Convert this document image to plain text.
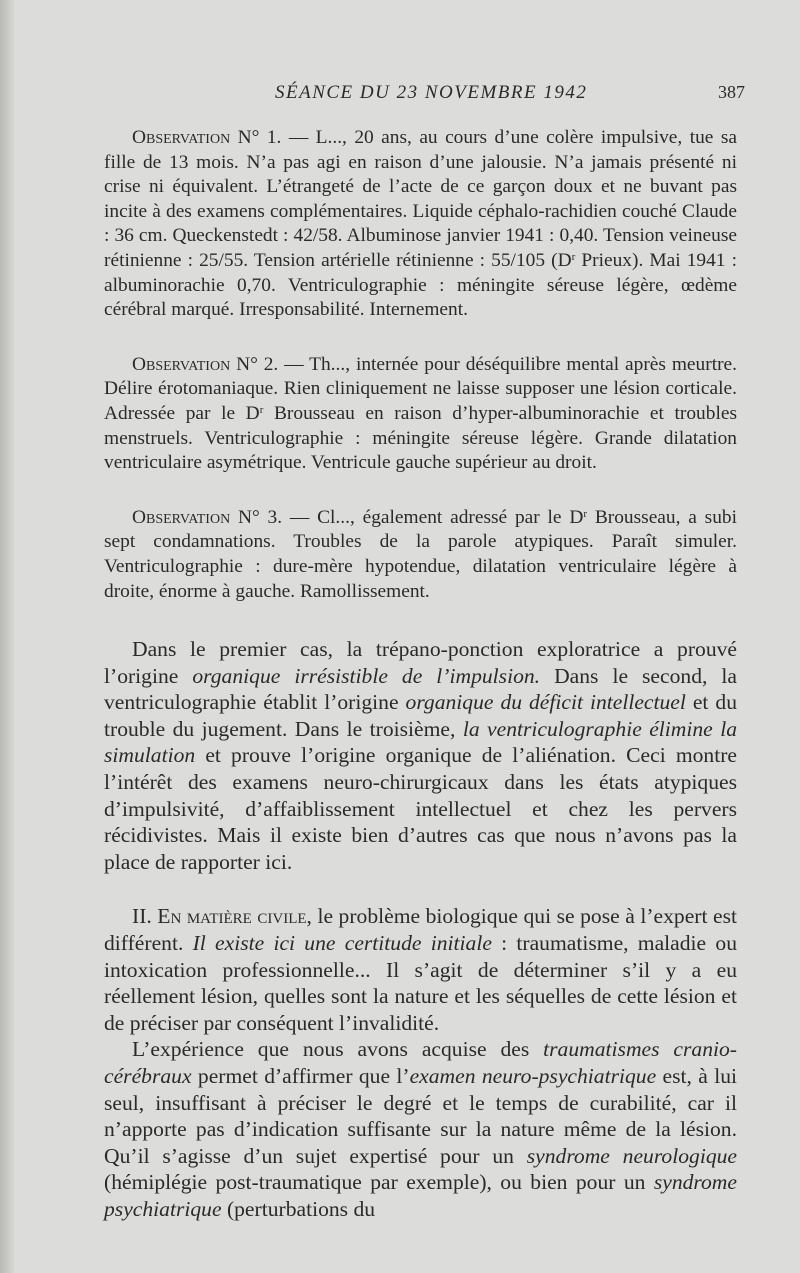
SÉANCE DU 23 NOVEMBRE 1942	387

Observation N° 1. — L..., 20 ans, au cours d’une colère impulsive, tue sa fille de 13 mois. N’a pas agi en raison d’une jalousie. N’a jamais présenté ni crise ni équivalent. L’étrangeté de l’acte de ce garçon doux et ne buvant pas incite à des examens complémentaires. Liquide céphalo-rachidien couché Claude : 36 cm. Queckenstedt : 42/58. Albuminose janvier 1941 : 0,40. Tension veineuse rétinienne : 25/55. Tension artérielle rétinienne : 55/105 ($D^r$ Prieux). Mai 1941 : albuminorachie 0,70. Ventriculographie : méningite séreuse légère, œdème cérébral marqué. Irresponsabilité. Internement.

Observation N° 2. — Th..., internée pour déséquilibre mental après meurtre. Délire érotomaniaque. Rien cliniquement ne laisse supposer une lésion corticale. Adressée par le $D^r$ Brousseau en raison d’hyper-albuminorachie et troubles menstruels. Ventriculographie : méningite séreuse légère. Grande dilatation ventriculaire asymétrique. Ventricule gauche supérieur au droit.

Observation N° 3. — Cl..., également adressé par le $D^r$ Brousseau, a subi sept condamnations. Troubles de la parole atypiques. Paraît simuler. Ventriculographie : dure-mère hypotendue, dilatation ventriculaire légère à droite, énorme à gauche. Ramollissement.

Dans le premier cas, la trépano-ponction exploratrice a prouvé l’origine organique irrésistible de l’impulsion. Dans le second, la ventriculographie établit l’origine organique du déficit intellectuel et du trouble du jugement. Dans le troisième, la ventriculographie élimine la simulation et prouve l’origine organique de l’aliénation. Ceci montre l’intérêt des examens neuro-chirurgicaux dans les états atypiques d’impulsivité, d’affaiblissement intellectuel et chez les pervers récidivistes. Mais il existe bien d’autres cas que nous n’avons pas la place de rapporter ici.

II. En matière civile, le problème biologique qui se pose à l’expert est différent. Il existe ici une certitude initiale : traumatisme, maladie ou intoxication professionnelle... Il s’agit de déterminer s’il y a eu réellement lésion, quelles sont la nature et les séquelles de cette lésion et de préciser par conséquent l’invalidité.

L’expérience que nous avons acquise des traumatismes cranio-cérébraux permet d’affirmer que l’examen neuro-psychiatrique est, à lui seul, insuffisant à préciser le degré et le temps de curabilité, car il n’apporte pas d’indication suffisante sur la nature même de la lésion. Qu’il s’agisse d’un sujet expertisé pour un syndrome neurologique (hémiplégie post-traumatique par exemple), ou bien pour un syndrome psychiatrique (perturbations du
